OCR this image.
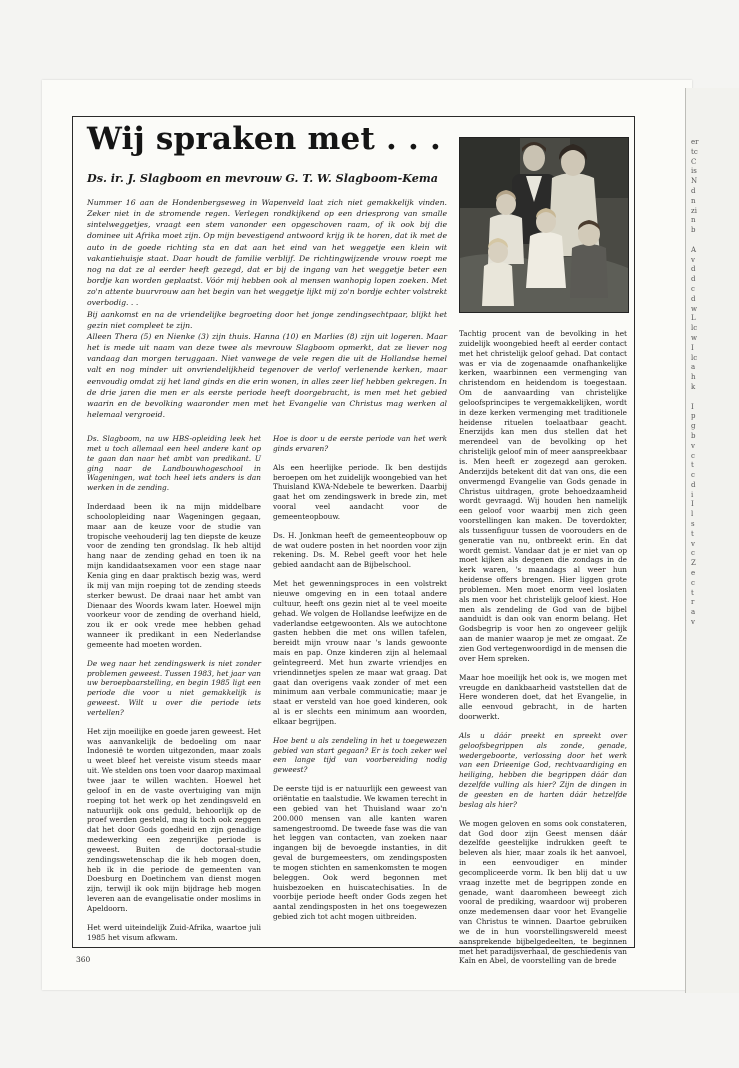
er
tc
C
is
N
d
n
zi
n
b

A
v
d
d
c
d
w
L
lc
w
I
lc
a
h
k

I
p
g
b
v
c
t
c
d
i
I
l
s
t
v
c
Z
e
c
t
r
a
v
Wij spraken met . . .
Ds. ir. J. Slagboom en mevrouw G. T. W. Slagboom-Kema

Nummer 16 aan de Hondenbergseweg in Wapenveld laat zich niet gemakkelijk vinden. Zeker niet in de stromende regen. Verlegen rondkijkend op een driesprong van smalle sintelweggetjes, vraagt een stem vanonder een opgeschoven raam, of ik ook bij die dominee uit Afrika moet zijn. Op mijn bevestigend antwoord krijg ik te horen, dat ik met de auto in de goede richting sta en dat aan het eind van het weggetje een klein wit vakantiehuisje staat. Daar houdt de familie verblijf. De richtingwijzende vrouw roept me nog na dat ze al eerder heeft gezegd, dat er bij de ingang van het weggetje beter een bordje kan worden geplaatst. Vóór mij hebben ook al mensen wanhopig lopen zoeken. Met zo'n attente buurvrouw aan het begin van het weggetje lijkt mij zo'n bordje echter volstrekt overbodig. . .

Bij aankomst en na de vriendelijke begroeting door het jonge zendingsechtpaar, blijkt het gezin niet compleet te zijn.

Alleen Thera (5) en Nienke (3) zijn thuis. Hanna (10) en Marlies (8) zijn uit logeren. Maar het is mede uit naam van deze twee als mevrouw Slagboom opmerkt, dat ze liever nog vandaag dan morgen teruggaan. Niet vanwege de vele regen die uit de Hollandse hemel valt en nog minder uit onvriendelijkheid tegenover de verlof verlenende kerken, maar eenvoudig omdat zij het land ginds en die erin wonen, in alles zeer lief hebben gekregen. In de drie jaren die men er als eerste periode heeft doorgebracht, is men met het gebied waarin en de bevolking waaronder men met het Evangelie van Christus mag werken al helemaal vergroeid.

Ds. Slagboom, na uw HBS-opleiding leek het met u toch allemaal een heel andere kant op te gaan dan naar het ambt van predikant. U ging naar de Landbouwhogeschool in Wageningen, wat toch heel iets anders is dan werken in de zending.

Inderdaad been ik na mijn middelbare schoolopleiding naar Wageningen gegaan, maar aan de keuze voor de studie van tropische veehouderij lag ten diepste de keuze voor de zending ten grondslag. Ik heb altijd hang naar de zending gehad en toen ik na mijn kandidaatsexamen voor een stage naar Kenia ging en daar praktisch bezig was, werd ik mij van mijn roeping tot de zending steeds sterker bewust. De draai naar het ambt van Dienaar des Woords kwam later. Hoewel mijn voorkeur voor de zending de overhand hield, zou ik er ook vrede mee hebben gehad wanneer ik predikant in een Nederlandse gemeente had moeten worden.

De weg naar het zendingswerk is niet zonder problemen geweest. Tussen 1983, het jaar van uw beroepbaarstelling, en begin 1985 ligt een periode die voor u niet gemakkelijk is geweest. Wilt u over die periode iets vertellen?

Het zijn moeilijke en goede jaren geweest. Het was aanvankelijk de bedoeling om naar Indonesië te worden uitgezonden, maar zoals u weet bleef het vereiste visum steeds maar uit. We stelden ons toen voor daarop maximaal twee jaar te willen wachten. Hoewel het geloof in en de vaste overtuiging van mijn roeping tot het werk op het zendingsveld en natuurlijk ook ons geduld, behoorlijk op de proef werden gesteld, mag ik toch ook zeggen dat het door Gods goedheid en zijn genadige medewerking een zegenrijke periode is geweest. Buiten de doctoraal-studie zendingswetenschap die ik heb mogen doen, heb ik in die periode de gemeenten van Doesburg en Doetinchem van dienst mogen zijn, terwijl ik ook mijn bijdrage heb mogen leveren aan de evangelisatie onder moslims in Apeldoorn.

Het werd uiteindelijk Zuid-Afrika, waartoe juli 1985 het visum afkwam.

Hoe is door u de eerste periode van het werk ginds ervaren?

Als een heerlijke periode. Ik ben destijds beroepen om het zuidelijk woongebied van het Thuisland KWA-Ndebele te bewerken. Daarbij gaat het om zendingswerk in brede zin, met vooral veel aandacht voor de gemeenteopbouw.

Ds. H. Jonkman heeft de gemeenteopbouw op de wat oudere posten in het noorden voor zijn rekening. Ds. M. Rebel geeft voor het hele gebied aandacht aan de Bijbelschool.

Met het gewenningsproces in een volstrekt nieuwe omgeving en in een totaal andere cultuur, heeft ons gezin niet al te veel moeite gehad. We volgen de Hollandse leefwijze en de vaderlandse eetgewoonten. Als we autochtone gasten hebben die met ons willen tafelen, bereidt mijn vrouw naar 's lands gewoonte mais en pap. Onze kinderen zijn al helemaal geïntegreerd. Met hun zwarte vriendjes en vriendinnetjes spelen ze maar wat graag. Dat gaat dan overigens vaak zonder of met een minimum aan verbale communicatie; maar je staat er versteld van hoe goed kinderen, ook al is er slechts een minimum aan woorden, elkaar begrijpen.

Hoe bent u als zendeling in het u toegewezen gebied van start gegaan? Er is toch zeker wel een lange tijd van voorbereiding nodig geweest?

De eerste tijd is er natuurlijk een geweest van oriëntatie en taalstudie. We kwamen terecht in een gebied van het Thuisland waar zo'n 200.000 mensen van alle kanten waren samengestroomd. De tweede fase was die van het leggen van contacten, van zoeken naar ingangen bij de bevoegde instanties, in dit geval de burgemeesters, om zendingsposten te mogen stichten en samenkomsten te mogen beleggen. Ook werd begonnen met huisbezoeken en huiscatechisaties. In de voorbije periode heeft onder Gods zegen het aantal zendingsposten in het ons toegewezen gebied zich tot acht mogen uitbreiden.

Tachtig procent van de bevolking in het zuidelijk woongebied heeft al eerder contact met het christelijk geloof gehad. Dat contact was er via de zogenaamde onafhankelijke kerken, waarbinnen een vermenging van christendom en heidendom is toegestaan. Om de aanvaarding van christelijke geloofsprincipes te vergemakkelijken, wordt in deze kerken vermenging met traditionele heidense rituelen toelaatbaar geacht. Enerzijds kan men dus stellen dat het merendeel van de bevolking op het christelijk geloof min of meer aanspreekbaar is. Men heeft er zogezegd aan geroken. Anderzijds betekent dit dat van ons, die een onvermengd Evangelie van Gods genade in Christus uitdragen, grote behoedzaamheid wordt gevraagd. Wij houden hen namelijk een geloof voor waarbij men zich geen voorstellingen kan maken. De toverdokter, als tussenfiguur tussen de voorouders en de generatie van nu, ontbreekt erin. En dat wordt gemist. Vandaar dat je er niet van op moet kijken als degenen die zondags in de kerk waren, 's maandags al weer hun heidense offers brengen. Hier liggen grote problemen. Men moet enorm veel loslaten als men voor het christelijk geloof kiest. Hoe men als zendeling de God van de bijbel aanduidt is dan ook van enorm belang. Het Godsbegrip is voor hen zo ongeveer gelijk aan de manier waarop je met ze omgaat. Ze zien God vertegenwoordigd in de mensen die over Hem spreken.

Maar hoe moeilijk het ook is, we mogen met vreugde en dankbaarheid vaststellen dat de Here wonderen doet, dat het Evangelie, in alle eenvoud gebracht, in de harten doorwerkt.

Als u dáár preekt en spreekt over geloofsbegrippen als zonde, genade, wedergeboorte, verlossing door het werk van een Drieenige God, rechtvaardiging en heiliging, hebben die begrippen dáár dan dezelfde vulling als hier? Zijn de dingen in de geesten en de harten dáár hetzelfde beslag als hier?

We mogen geloven en soms ook constateren, dat God door zijn Geest mensen dáár dezelfde geestelijke indrukken geeft te beleven als hier, maar zoals ik het aanvoel, in een eenvoudiger en minder gecompliceerde vorm. Ik ben blij dat u uw vraag inzette met de begrippen zonde en genade, want daaromheen beweegt zich vooral de prediking, waardoor wij proberen onze medemensen daar voor het Evangelie van Christus te winnen. Daartoe gebruiken we de in hun voorstellingswereld meest aansprekende bijbelgedeelten, te beginnen met het paradijsverhaal, de geschiedenis van Kaïn en Abel, de voorstelling van de brede

360
